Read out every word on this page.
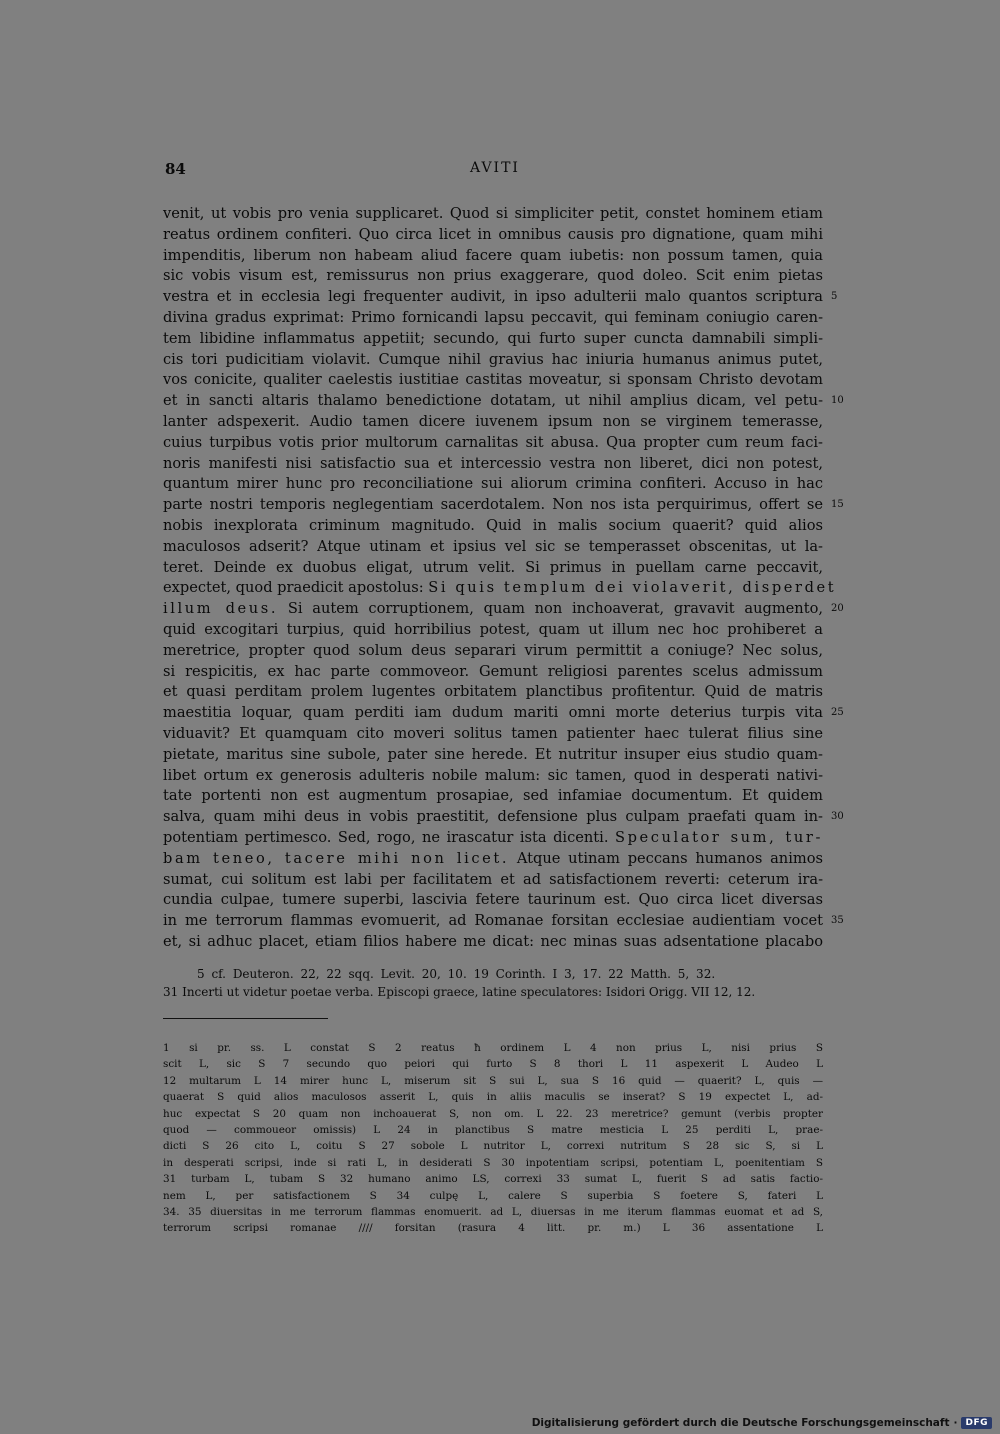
84	AVITI
venit, ut vobis pro venia supplicaret. Quod si simpliciter petit, constet hominem etiam
reatus ordinem confiteri. Quo circa licet in omnibus causis pro dignatione, quam mihi
impenditis, liberum non habeam aliud facere quam iubetis: non possum tamen, quia
sic vobis visum est, remissurus non prius exaggerare, quod doleo. Scit enim pietas
vestra et in ecclesia legi frequenter audivit, in ipso adulterii malo quantos scriptura 5
divina gradus exprimat: Primo fornicandi lapsu peccavit, qui feminam coniugio caren-
tem libidine inflammatus appetiit; secundo, qui furto super cuncta damnabili simpli-
cis tori pudicitiam violavit. Cumque nihil gravius hac iniuria humanus animus putet,
vos conicite, qualiter caelestis iustitiae castitas moveatur, si sponsam Christo devotam
et in sancti altaris thalamo benedictione dotatam, ut nihil amplius dicam, vel petu- 10
lanter adspexerit. Audio tamen dicere iuvenem ipsum non se virginem temerasse,
cuius turpibus votis prior multorum carnalitas sit abusa. Qua propter cum reum faci-
noris manifesti nisi satisfactio sua et intercessio vestra non liberet, dici non potest,
quantum mirer hunc pro reconciliatione sui aliorum crimina confiteri. Accuso in hac
parte nostri temporis neglegentiam sacerdotalem. Non nos ista perquirimus, offert se 15
nobis inexplorata criminum magnitudo. Quid in malis socium quaerit? quid alios
maculosos adserit? Atque utinam et ipsius vel sic se temperasset obscenitas, ut la-
teret. Deinde ex duobus eligat, utrum velit. Si primus in puellam carne peccavit,
expectet, quod praedicit apostolus: Si quis templum dei violaverit, disperdet
illum deus. Si autem corruptionem, quam non inchoaverat, gravavit augmento, 20
quid excogitari turpius, quid horribilius potest, quam ut illum nec hoc prohiberet a
meretrice, propter quod solum deus separari virum permittit a coniuge? Nec solus,
si respicitis, ex hac parte commoveor. Gemunt religiosi parentes scelus admissum
et quasi perditam prolem lugentes orbitatem planctibus profitentur. Quid de matris
maestitia loquar, quam perditi iam dudum mariti omni morte deterius turpis vita 25
viduavit? Et quamquam cito moveri solitus tamen patienter haec tulerat filius sine
pietate, maritus sine subole, pater sine herede. Et nutritur insuper eius studio quam-
libet ortum ex generosis adulteris nobile malum: sic tamen, quod in desperati nativi-
tate portenti non est augmentum prosapiae, sed infamiae documentum. Et quidem
salva, quam mihi deus in vobis praestitit, defensione plus culpam praefati quam in- 30
potentiam pertimesco. Sed, rogo, ne irascatur ista dicenti. Speculator sum, tur-
bam teneo, tacere mihi non licet. Atque utinam peccans humanos animos
sumat, cui solitum est labi per facilitatem et ad satisfactionem reverti: ceterum ira-
cundia culpae, tumere superbi, lascivia fetere taurinum est. Quo circa licet diversas
in me terrorum flammas evomuerit, ad Romanae forsitan ecclesiae audientiam vocet 35
et, si adhuc placet, etiam filios habere me dicat: nec minas suas adsentatione placabo
5 cf. Deuteron. 22, 22 sqq. Levit. 20, 10. 19 Corinth. I 3, 17. 22 Matth. 5, 32.
31 Incerti ut videtur poetae verba. Episcopi graece, latine speculatores: Isidori Origg. VII 12, 12.
1 si pr. ss. L constat S 2 reatus ħ ordinem L 4 non prius L, nisi prius S
scit L, sic S 7 secundo quo peiori qui furto S 8 thori L 11 aspexerit L Audeo L
12 multarum L 14 mirer hunc L, miserum sit S sui L, sua S 16 quid — quaerit? L, quis —
quaerat S quid alios maculosos asserit L, quis in aliis maculis se inserat? S 19 expectet L, ad-
huc expectat S 20 quam non inchoauerat S, non om. L 22. 23 meretrice? gemunt (verbis propter
quod — commoueor omissis) L 24 in planctibus S matre mesticia L 25 perditi L, prae-
dicti S 26 cito L, coitu S 27 sobole L nutritor L, correxi nutritum S 28 sic S, si L
in desperati scripsi, inde si rati L, in desiderati S 30 inpotentiam scripsi, potentiam L, poenitentiam S
31 turbam L, tubam S 32 humano animo LS, correxi 33 sumat L, fuerit S ad satis factio-
nem L, per satisfactionem S 34 culpę L, calere S superbia S foetere S, fateri L
34. 35 diuersitas in me terrorum flammas enomuerit. ad L, diuersas in me iterum flammas euomat et ad S,
terrorum scripsi romanae //// forsitan (rasura 4 litt. pr. m.) L 36 assentatione L
Digitalisierung gefördert durch die Deutsche Forschungsgemeinschaft · DFG
